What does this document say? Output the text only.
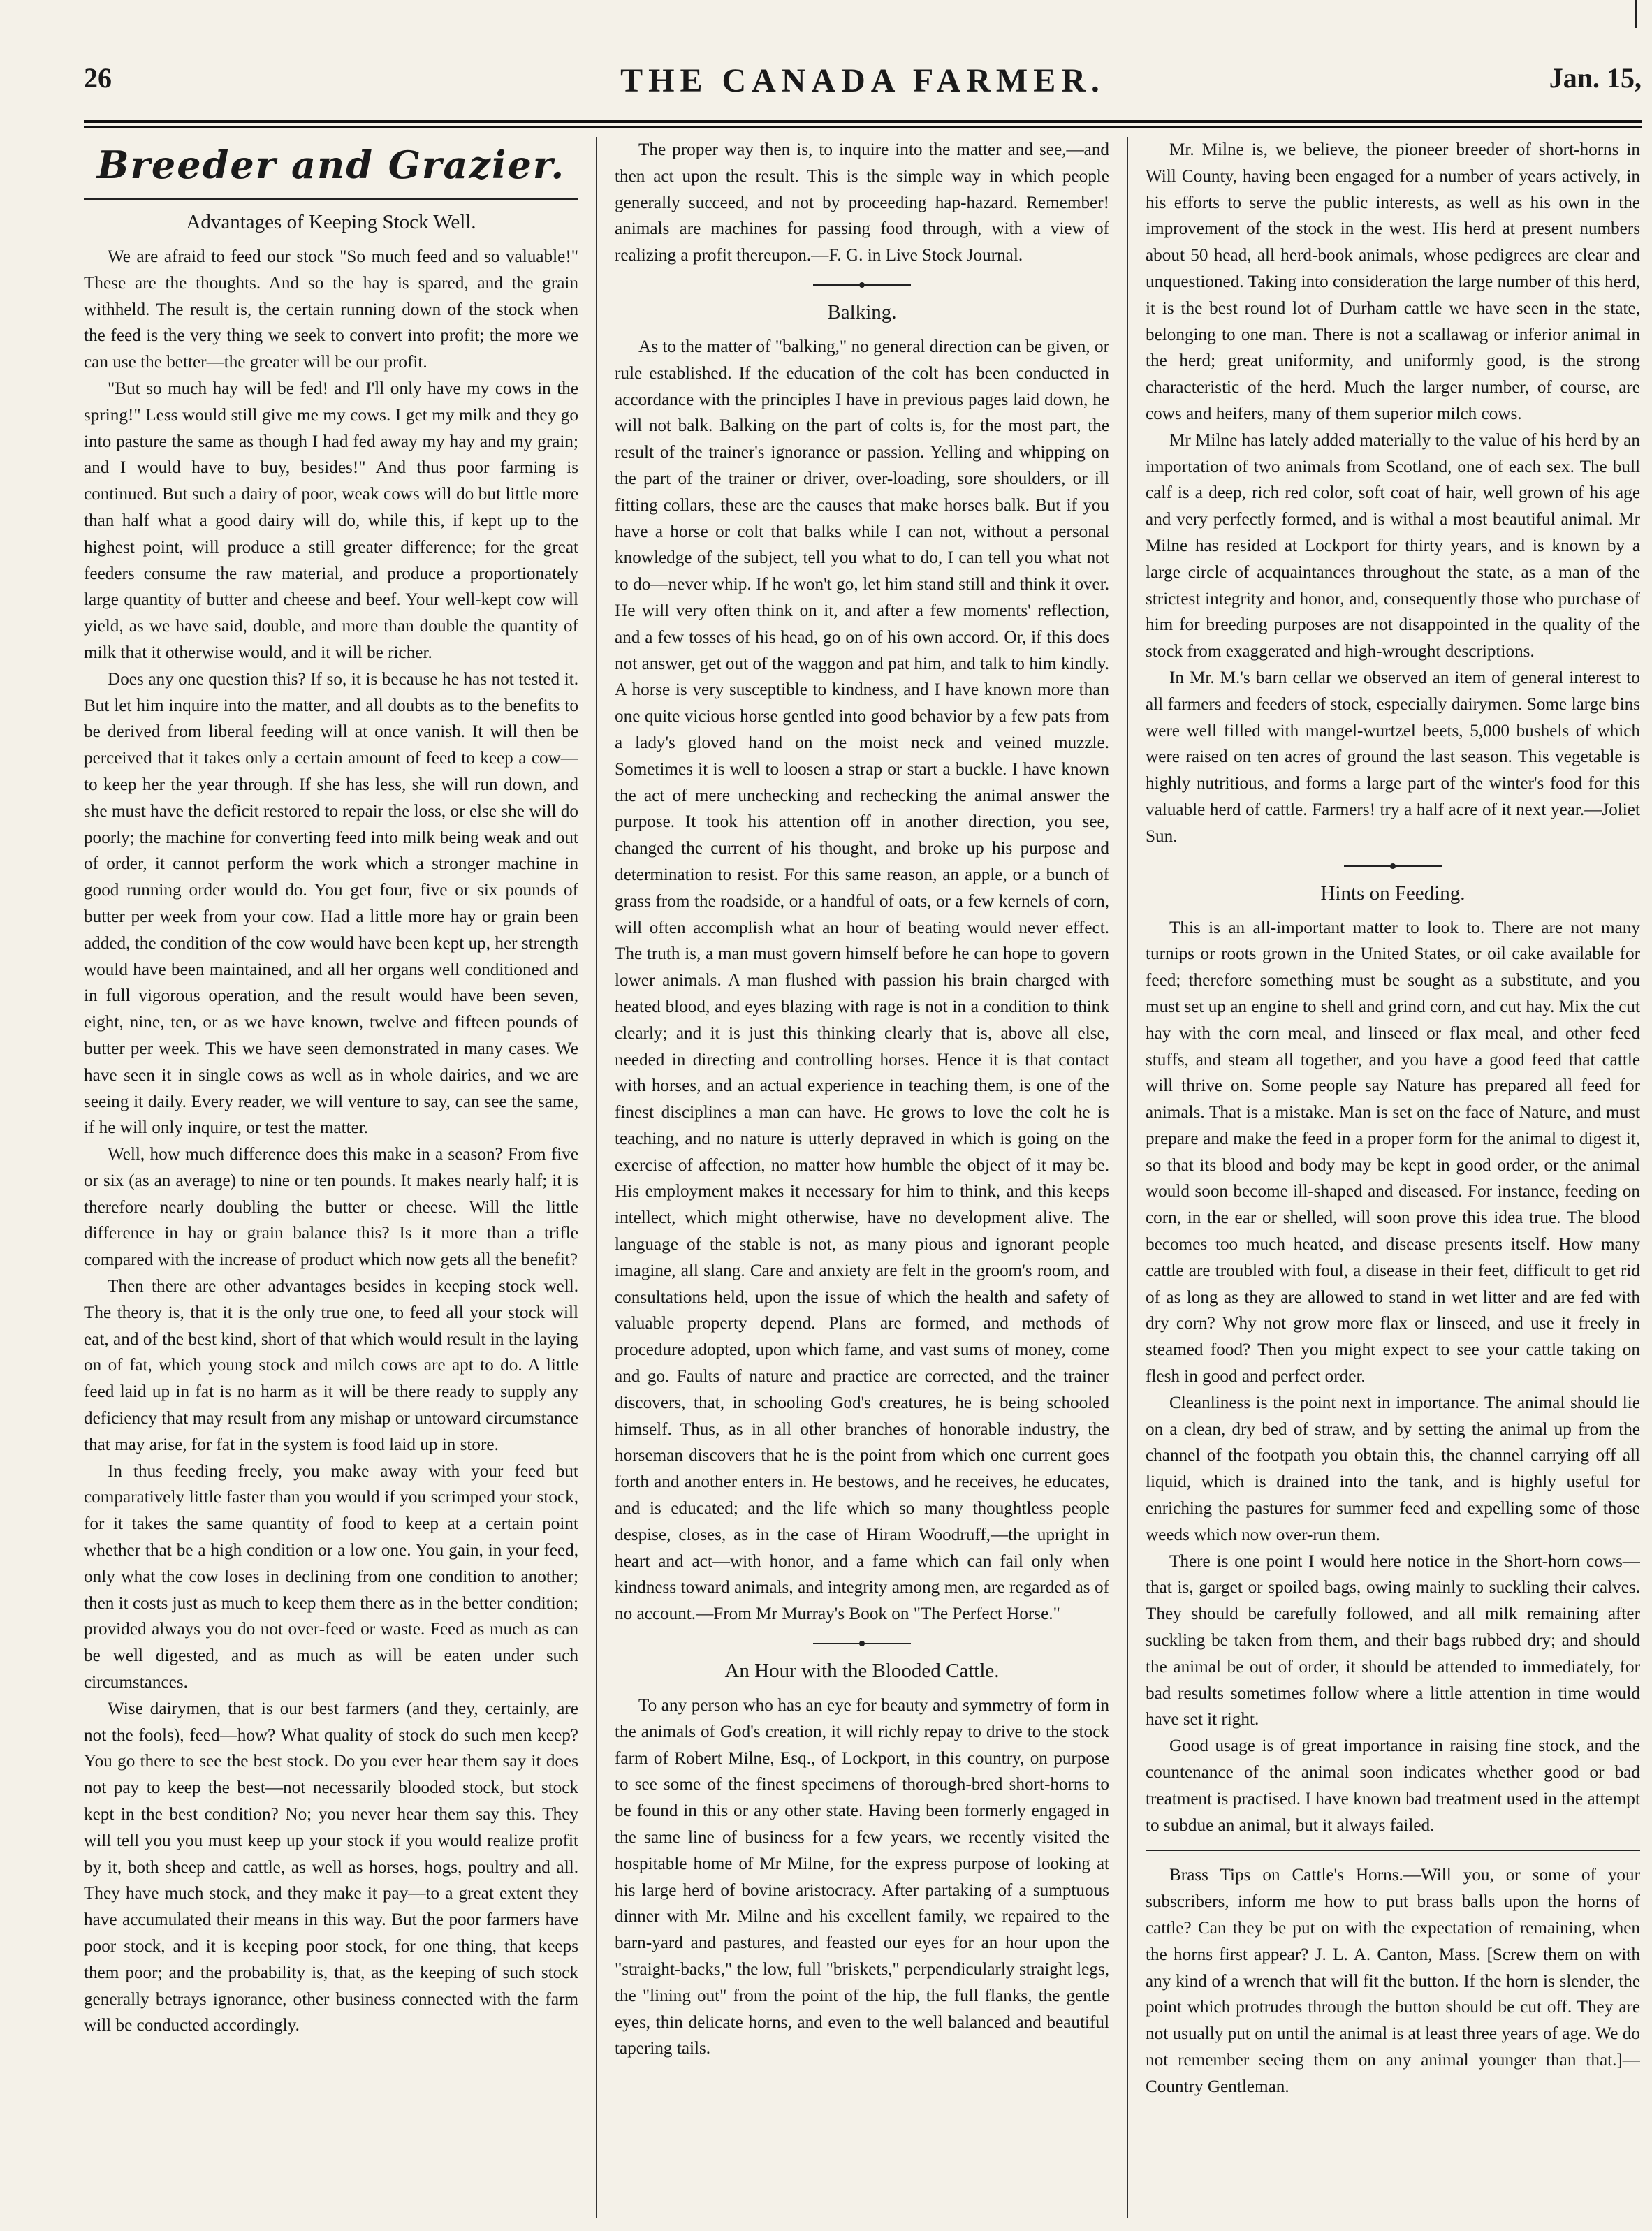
26	THE CANADA FARMER.	Jan. 15,
Breeder and Grazier.
Advantages of Keeping Stock Well.

We are afraid to feed our stock "So much feed and so valuable!" These are the thoughts. And so the hay is spared, and the grain withheld. The result is, the certain running down of the stock when the feed is the very thing we seek to convert into profit; the more we can use the better—the greater will be our profit.

"But so much hay will be fed! and I'll only have my cows in the spring!" Less would still give me my cows. I get my milk and they go into pasture the same as though I had fed away my hay and my grain; and I would have to buy, besides!" And thus poor farming is continued. But such a dairy of poor, weak cows will do but little more than half what a good dairy will do, while this, if kept up to the highest point, will produce a still greater difference; for the great feeders consume the raw material, and produce a proportionately large quantity of butter and cheese and beef. Your well-kept cow will yield, as we have said, double, and more than double the quantity of milk that it otherwise would, and it will be richer.

Does any one question this? If so, it is because he has not tested it. But let him inquire into the matter, and all doubts as to the benefits to be derived from liberal feeding will at once vanish. It will then be perceived that it takes only a certain amount of feed to keep a cow—to keep her the year through. If she has less, she will run down, and she must have the deficit restored to repair the loss, or else she will do poorly; the machine for converting feed into milk being weak and out of order, it cannot perform the work which a stronger machine in good running order would do. You get four, five or six pounds of butter per week from your cow. Had a little more hay or grain been added, the condition of the cow would have been kept up, her strength would have been maintained, and all her organs well conditioned and in full vigorous operation, and the result would have been seven, eight, nine, ten, or as we have known, twelve and fifteen pounds of butter per week. This we have seen demonstrated in many cases. We have seen it in single cows as well as in whole dairies, and we are seeing it daily. Every reader, we will venture to say, can see the same, if he will only inquire, or test the matter.

Well, how much difference does this make in a season? From five or six (as an average) to nine or ten pounds. It makes nearly half; it is therefore nearly doubling the butter or cheese. Will the little difference in hay or grain balance this? Is it more than a trifle compared with the increase of product which now gets all the benefit?

Then there are other advantages besides in keeping stock well. The theory is, that it is the only true one, to feed all your stock will eat, and of the best kind, short of that which would result in the laying on of fat, which young stock and milch cows are apt to do. A little feed laid up in fat is no harm as it will be there ready to supply any deficiency that may result from any mishap or untoward circumstance that may arise, for fat in the system is food laid up in store.

In thus feeding freely, you make away with your feed but comparatively little faster than you would if you scrimped your stock, for it takes the same quantity of food to keep at a certain point whether that be a high condition or a low one. You gain, in your feed, only what the cow loses in declining from one condition to another; then it costs just as much to keep them there as in the better condition; provided always you do not over-feed or waste. Feed as much as can be well digested, and as much as will be eaten under such circumstances.

Wise dairymen, that is our best farmers (and they, certainly, are not the fools), feed—how? What quality of stock do such men keep? You go there to see the best stock. Do you ever hear them say it does not pay to keep the best—not necessarily blooded stock, but stock kept in the best condition? No; you never hear them say this. They will tell you you must keep up your stock if you would realize profit by it, both sheep and cattle, as well as horses, hogs, poultry and all. They have much stock, and they make it pay—to a great extent they have accumulated their means in this way. But the poor farmers have poor stock, and it is keeping poor stock, for one thing, that keeps them poor; and the probability is, that, as the keeping of such stock generally betrays ignorance, other business connected with the farm will be conducted accordingly.

The proper way then is, to inquire into the matter and see,—and then act upon the result. This is the simple way in which people generally succeed, and not by proceeding hap-hazard. Remember! animals are machines for passing food through, with a view of realizing a profit thereupon.—F. G. in Live Stock Journal.

Balking.

As to the matter of "balking," no general direction can be given, or rule established. If the education of the colt has been conducted in accordance with the principles I have in previous pages laid down, he will not balk. Balking on the part of colts is, for the most part, the result of the trainer's ignorance or passion. Yelling and whipping on the part of the trainer or driver, over-loading, sore shoulders, or ill fitting collars, these are the causes that make horses balk. But if you have a horse or colt that balks while I can not, without a personal knowledge of the subject, tell you what to do, I can tell you what not to do—never whip. If he won't go, let him stand still and think it over. He will very often think on it, and after a few moments' reflection, and a few tosses of his head, go on of his own accord. Or, if this does not answer, get out of the waggon and pat him, and talk to him kindly. A horse is very susceptible to kindness, and I have known more than one quite vicious horse gentled into good behavior by a few pats from a lady's gloved hand on the moist neck and veined muzzle. Sometimes it is well to loosen a strap or start a buckle. I have known the act of mere unchecking and rechecking the animal answer the purpose. It took his attention off in another direction, you see, changed the current of his thought, and broke up his purpose and determination to resist. For this same reason, an apple, or a bunch of grass from the roadside, or a handful of oats, or a few kernels of corn, will often accomplish what an hour of beating would never effect. The truth is, a man must govern himself before he can hope to govern lower animals. A man flushed with passion his brain charged with heated blood, and eyes blazing with rage is not in a condition to think clearly; and it is just this thinking clearly that is, above all else, needed in directing and controlling horses. Hence it is that contact with horses, and an actual experience in teaching them, is one of the finest disciplines a man can have. He grows to love the colt he is teaching, and no nature is utterly depraved in which is going on the exercise of affection, no matter how humble the object of it may be. His employment makes it necessary for him to think, and this keeps intellect, which might otherwise, have no development alive. The language of the stable is not, as many pious and ignorant people imagine, all slang. Care and anxiety are felt in the groom's room, and consultations held, upon the issue of which the health and safety of valuable property depend. Plans are formed, and methods of procedure adopted, upon which fame, and vast sums of money, come and go. Faults of nature and practice are corrected, and the trainer discovers, that, in schooling God's creatures, he is being schooled himself. Thus, as in all other branches of honorable industry, the horseman discovers that he is the point from which one current goes forth and another enters in. He bestows, and he receives, he educates, and is educated; and the life which so many thoughtless people despise, closes, as in the case of Hiram Woodruff,—the upright in heart and act—with honor, and a fame which can fail only when kindness toward animals, and integrity among men, are regarded as of no account.—From Mr Murray's Book on "The Perfect Horse."

An Hour with the Blooded Cattle.

To any person who has an eye for beauty and symmetry of form in the animals of God's creation, it will richly repay to drive to the stock farm of Robert Milne, Esq., of Lockport, in this country, on purpose to see some of the finest specimens of thorough-bred short-horns to be found in this or any other state. Having been formerly engaged in the same line of business for a few years, we recently visited the hospitable home of Mr Milne, for the express purpose of looking at his large herd of bovine aristocracy. After partaking of a sumptuous dinner with Mr. Milne and his excellent family, we repaired to the barn-yard and pastures, and feasted our eyes for an hour upon the "straight-backs," the low, full "briskets," perpendicularly straight legs, the "lining out" from the point of the hip, the full flanks, the gentle eyes, thin delicate horns, and even to the well balanced and beautiful tapering tails.

Mr. Milne is, we believe, the pioneer breeder of short-horns in Will County, having been engaged for a number of years actively, in his efforts to serve the public interests, as well as his own in the improvement of the stock in the west. His herd at present numbers about 50 head, all herd-book animals, whose pedigrees are clear and unquestioned. Taking into consideration the large number of this herd, it is the best round lot of Durham cattle we have seen in the state, belonging to one man. There is not a scallawag or inferior animal in the herd; great uniformity, and uniformly good, is the strong characteristic of the herd. Much the larger number, of course, are cows and heifers, many of them superior milch cows.

Mr Milne has lately added materially to the value of his herd by an importation of two animals from Scotland, one of each sex. The bull calf is a deep, rich red color, soft coat of hair, well grown of his age and very perfectly formed, and is withal a most beautiful animal. Mr Milne has resided at Lockport for thirty years, and is known by a large circle of acquaintances throughout the state, as a man of the strictest integrity and honor, and, consequently those who purchase of him for breeding purposes are not disappointed in the quality of the stock from exaggerated and high-wrought descriptions.

In Mr. M.'s barn cellar we observed an item of general interest to all farmers and feeders of stock, especially dairymen. Some large bins were well filled with mangel-wurtzel beets, 5,000 bushels of which were raised on ten acres of ground the last season. This vegetable is highly nutritious, and forms a large part of the winter's food for this valuable herd of cattle. Farmers! try a half acre of it next year.—Joliet Sun.

Hints on Feeding.

This is an all-important matter to look to. There are not many turnips or roots grown in the United States, or oil cake available for feed; therefore something must be sought as a substitute, and you must set up an engine to shell and grind corn, and cut hay. Mix the cut hay with the corn meal, and linseed or flax meal, and other feed stuffs, and steam all together, and you have a good feed that cattle will thrive on. Some people say Nature has prepared all feed for animals. That is a mistake. Man is set on the face of Nature, and must prepare and make the feed in a proper form for the animal to digest it, so that its blood and body may be kept in good order, or the animal would soon become ill-shaped and diseased. For instance, feeding on corn, in the ear or shelled, will soon prove this idea true. The blood becomes too much heated, and disease presents itself. How many cattle are troubled with foul, a disease in their feet, difficult to get rid of as long as they are allowed to stand in wet litter and are fed with dry corn? Why not grow more flax or linseed, and use it freely in steamed food? Then you might expect to see your cattle taking on flesh in good and perfect order.

Cleanliness is the point next in importance. The animal should lie on a clean, dry bed of straw, and by setting the animal up from the channel of the footpath you obtain this, the channel carrying off all liquid, which is drained into the tank, and is highly useful for enriching the pastures for summer feed and expelling some of those weeds which now over-run them.

There is one point I would here notice in the Short-horn cows—that is, garget or spoiled bags, owing mainly to suckling their calves. They should be carefully followed, and all milk remaining after suckling be taken from them, and their bags rubbed dry; and should the animal be out of order, it should be attended to immediately, for bad results sometimes follow where a little attention in time would have set it right.

Good usage is of great importance in raising fine stock, and the countenance of the animal soon indicates whether good or bad treatment is practised. I have known bad treatment used in the attempt to subdue an animal, but it always failed.

Brass Tips on Cattle's Horns.—Will you, or some of your subscribers, inform me how to put brass balls upon the horns of cattle? Can they be put on with the expectation of remaining, when the horns first appear? J. L. A. Canton, Mass. [Screw them on with any kind of a wrench that will fit the button. If the horn is slender, the point which protrudes through the button should be cut off. They are not usually put on until the animal is at least three years of age. We do not remember seeing them on any animal younger than that.]—Country Gentleman.
